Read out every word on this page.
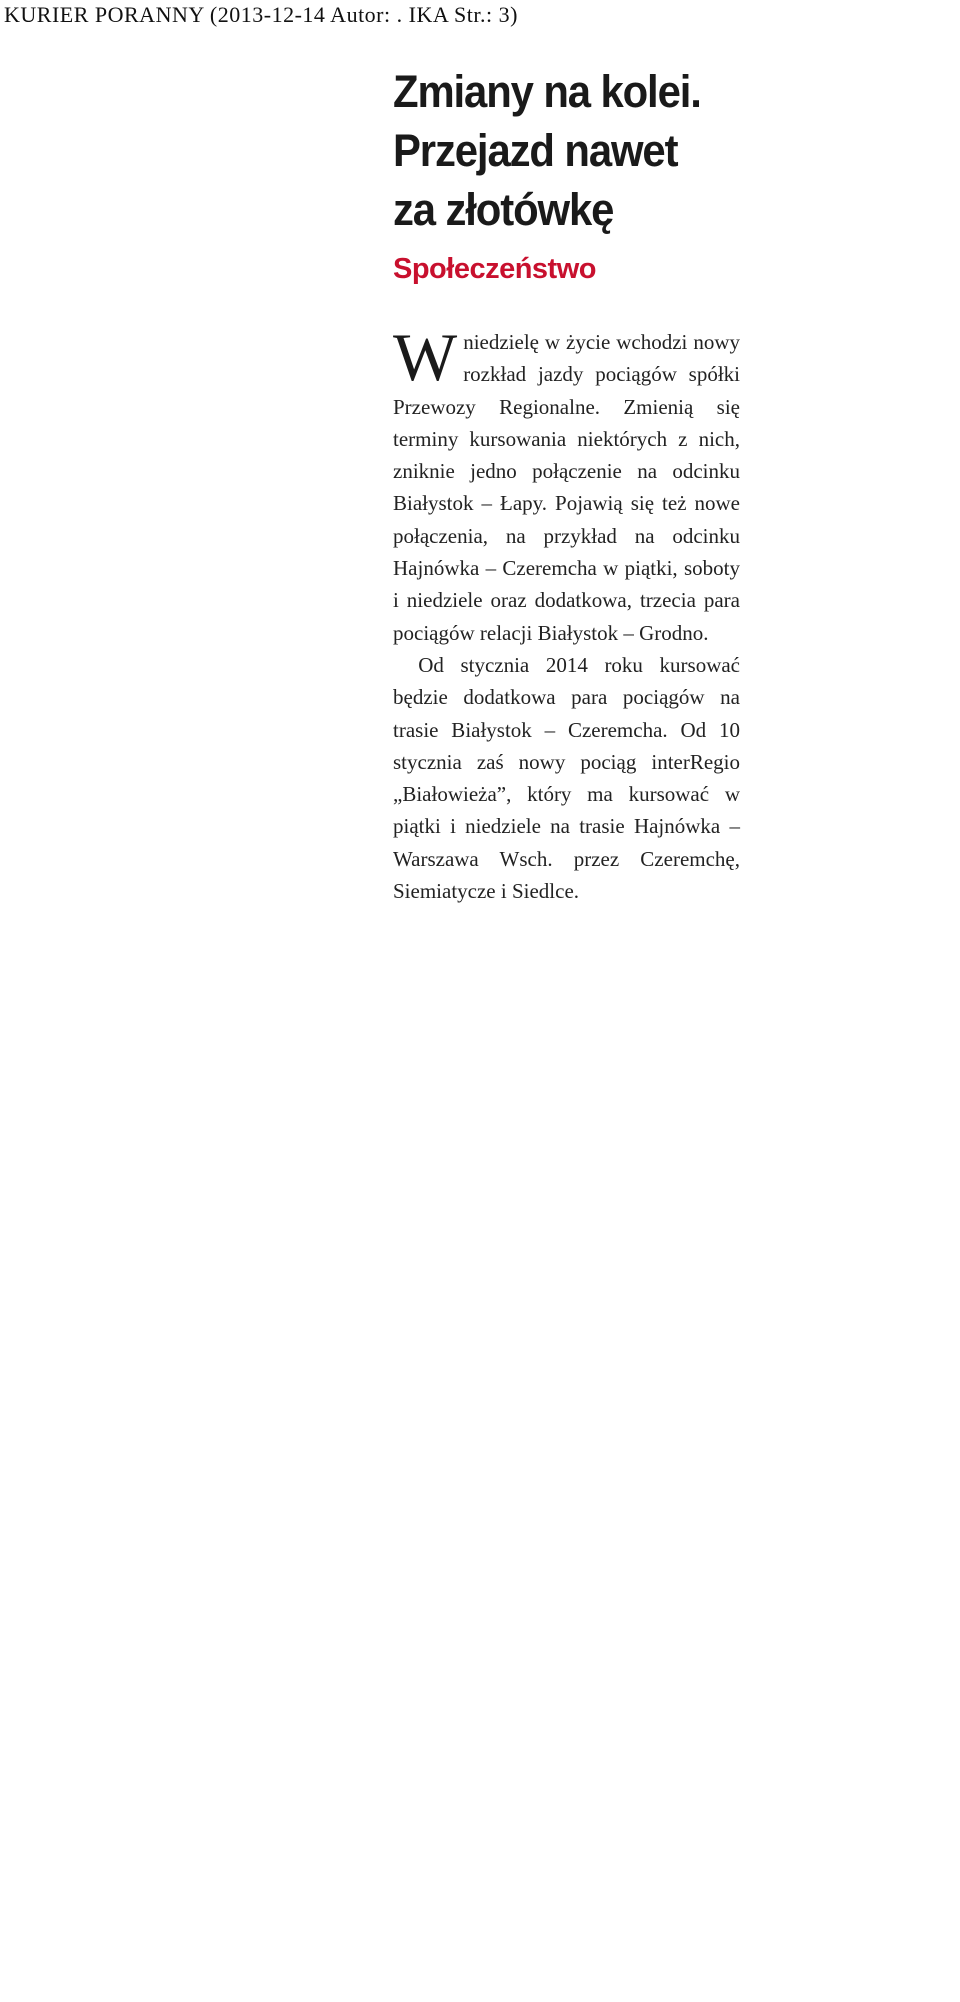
KURIER PORANNY (2013-12-14 Autor: . IKA Str.: 3)
Zmiany na kolei.
Przejazd nawet
za złotówkę
Społeczeństwo

W niedzielę w życie wchodzi nowy rozkład jazdy pociągów spółki Przewozy Regionalne. Zmienią się terminy kursowania niektórych z nich, zniknie jedno połączenie na odcinku Białystok – Łapy. Pojawią się też nowe połączenia, na przykład na odcinku Hajnówka – Czeremcha w piątki, soboty i niedziele oraz dodatkowa, trzecia para pociągów relacji Białystok – Grodno.

Od stycznia 2014 roku kursować będzie dodatkowa para pociągów na trasie Białystok – Czeremcha. Od 10 stycznia zaś nowy pociąg interRegio „Białowieża”, który ma kursować w piątki i niedziele na trasie Hajnówka – Warszawa Wsch. przez Czeremchę, Siemiatycze i Siedlce.
